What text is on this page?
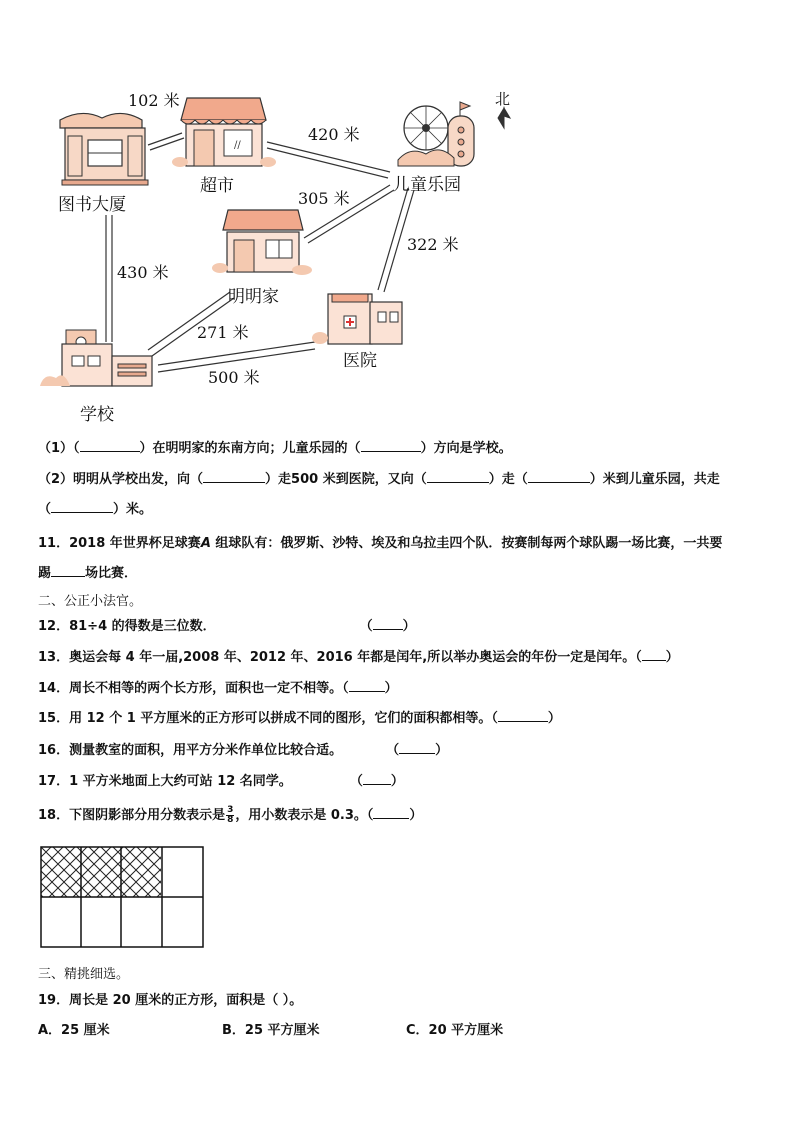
//
北
图书大厦
超市	儿童乐园
明明家
医院
学校
102 米
420 米
305 米
322 米
430 米
271 米
500 米
（1）（	）在明明家的东南方向；儿童乐园的（	）方向是学校。
（2）明明从学校出发，向（	）走500 米到医院，又向（	）走（	）米到儿童乐园，共走
（	）米。
11．2018 年世界杯足球赛A 组球队有：俄罗斯、沙特、埃及和乌拉圭四个队．按赛制每两个球队踢一场比赛，一共要
踢	场比赛．
二、公正小法官。
12．81÷4 的得数是三位数．	（ ）
13．奥运会每 4 年一届,2008 年、2012 年、2016 年都是闰年,所以举办奥运会的年份一定是闰年。（ ）
14．周长不相等的两个长方形，面积也一定不相等。（	）
15．用 12 个 1 平方厘米的正方形可以拼成不同的图形，它们的面积都相等。（	）
16．测量教室的面积，用平方分米作单位比较合适。	（	）
17．1 平方米地面上大约可站 12 名同学。	（ ）
18．下图阴影部分用分数表示是 $\frac{3}{8}$ ，用小数表示是 0.3。（	）
三、精挑细选。
19．周长是 20 厘米的正方形，面积是（ ）。
A．25 厘米	B．25 平方厘米	C．20 平方厘米
